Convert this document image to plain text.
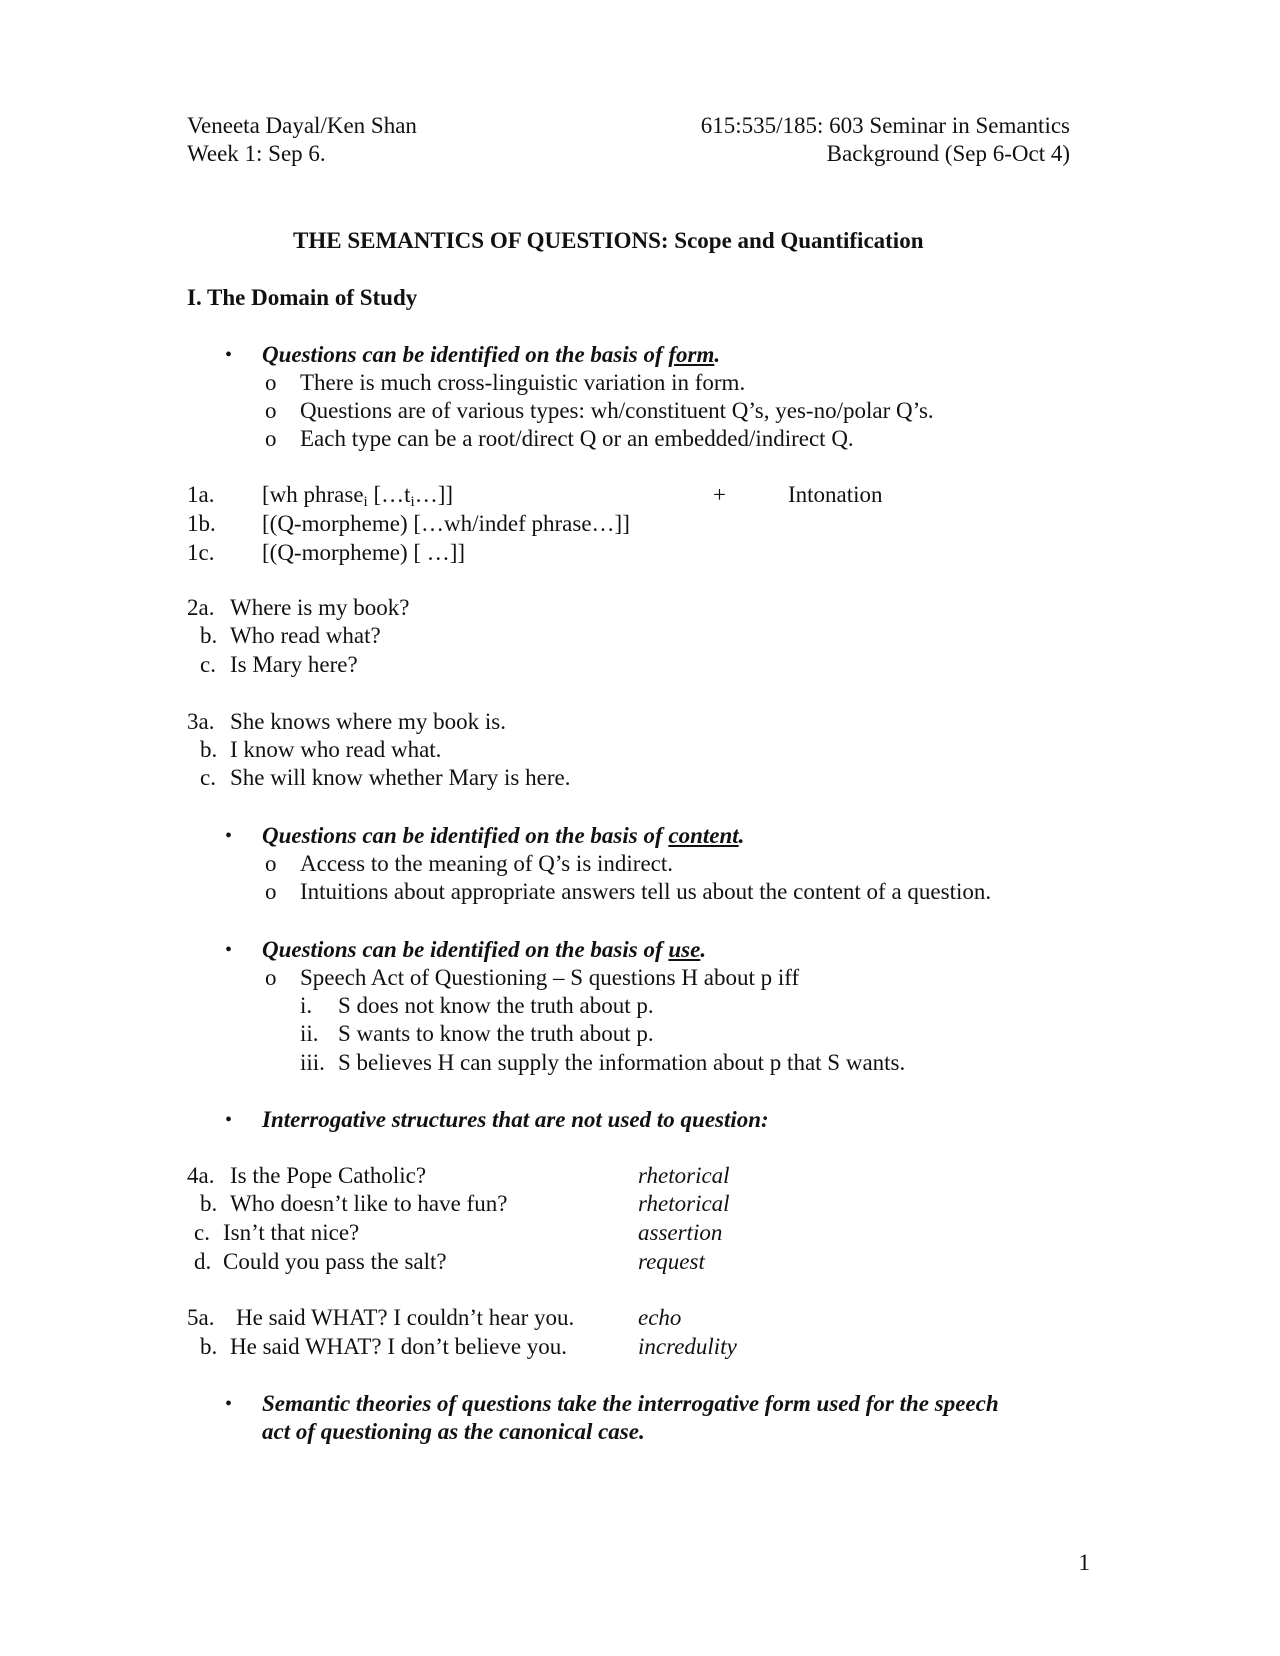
Veneeta Dayal/Ken Shan	615:535/185: 603 Seminar in Semantics
Week 1: Sep 6.	Background (Sep 6-Oct 4)
THE SEMANTICS OF QUESTIONS: Scope and Quantification
I. The Domain of Study
• Questions can be identified on the basis of form.
o There is much cross-linguistic variation in form.
o Questions are of various types: wh/constituent Q’s, yes-no/polar Q’s.
o Each type can be a root/direct Q or an embedded/indirect Q.
1a. [wh phrase$_i$ $[\dots t_i\dots]$]	+	Intonation
1b. [(Q-morpheme) […wh/indef phrase…]]
1c. [(Q-morpheme) [ …]]
2a. Where is my book?
b. Who read what?
c. Is Mary here?
3a. She knows where my book is.
b. I know who read what.
c. She will know whether Mary is here.
• Questions can be identified on the basis of content.
o Access to the meaning of Q’s is indirect.
o Intuitions about appropriate answers tell us about the content of a question.
• Questions can be identified on the basis of use.
o Speech Act of Questioning – S questions H about p iff
i. S does not know the truth about p.
ii. S wants to know the truth about p.
iii. S believes H can supply the information about p that S wants.
• Interrogative structures that are not used to question:
4a. Is the Pope Catholic?	rhetorical
b. Who doesn’t like to have fun?	rhetorical
c. Isn’t that nice?	assertion
d. Could you pass the salt?	request
5a. He said WHAT? I couldn’t hear you.	echo
b. He said WHAT? I don’t believe you.	incredulity
• Semantic theories of questions take the interrogative form used for the speech
act of questioning as the canonical case.
1
